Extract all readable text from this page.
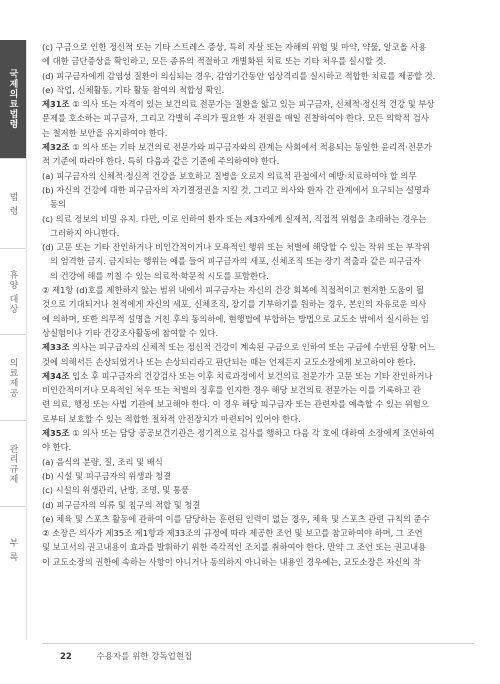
국제의료법령
법 령
휴양 대상
의료제공
관리규제
부 록

(c) 구금으로 인한 정신적 또는 기타 스트레스 증상, 특히 자살 또는 자해의 위험 및 마약, 약물, 알코올 사용

에 대한 금단증상을 확인하고, 모든 종류의 적절하고 개별화된 치료 또는 기타 처우를 실시할 것.

(d) 피구금자에게 감염성 질환이 의심되는 경우, 감염기간동안 임상격리를 실시하고 적합한 치료를 제공할 것.

(e) 작업, 신체활동, 기타 활동 참여의 적합성 확인.

제31조 ① 의사 또는 자격이 있는 보건의료 전문가는 질환을 앓고 있는 피구금자, 신체적·정신적 건강 및 부상

문제를 호소하는 피구금자, 그리고 각별히 주의가 필요한 자 전원을 매일 진찰하여야 한다. 모든 의학적 검사

는 철저한 보안을 유지하여야 한다.

제32조 ① 의사 또는 기타 보건의료 전문가와 피구금자와의 관계는 사회에서 적용되는 동일한 윤리적·전문가

적 기준에 따라야 한다. 특히 다음과 같은 기준에 주의하여야 한다.

(a) 피구금자의 신체적·정신적 건강을 보호하고 질병을 오로지 의료적 관점에서 예방·치료하여야 할 의무

(b) 자신의 건강에 대한 피구금자의 자기결정권을 지킬 것, 그리고 의사와 환자 간 관계에서 요구되는 설명과

동의

(c) 의료 정보의 비밀 유지. 다만, 이로 인하여 환자 또는 제3자에게 실제적, 직접적 위험을 초래하는 경우는

그러하지 아니한다.

(d) 고문 또는 기타 잔인하거나 비인간적이거나 모욕적인 행위 또는 처벌에 해당할 수 있는 작위 또는 부작위

의 엄격한 금지. 금지되는 행위는 예를 들어 피구금자의 세포, 신체조직 또는 장기 적출과 같은 피구금자

의 건강에 해를 끼칠 수 있는 의료적·학문적 시도를 포함한다.

② 제1항 (d)호를 제한하지 않는 범위 내에서 피구금자는 자신의 건강 회복에 직접적이고 현저한 도움이 될

것으로 기대되거나 천적에게 자신의 세포, 신체조직, 장기를 기부하기를 원하는 경우, 본인의 자유로운 의사

에 의하며, 또한 의무적 설명을 거친 후의 동의하에, 현행법에 부합하는 방법으로 교도소 밖에서 실시하는 임

상실험이나 기타 건강조사활동에 참여할 수 있다.

제33조 의사는 피구금자의 신체적 또는 정신적 건강이 계속된 구금으로 인하여 또는 구금에 수반된 상황 어느

것에 의해서든 손상되었거나 또는 손상되리라고 판단되는 때는 언제든지 교도소장에게 보고하여야 한다.

제34조 입소 후 피구금자의 건강검사 또는 이후 치료과정에서 보건의료 전문가가 고문 또는 기타 잔인하거나

비인간적이거나 모욕적인 처우 또는 처벌의 징후를 인지한 경우 해당 보건의료 전문가는 이를 기록하고 관

련 의료, 행정 또는 사법 기관에 보고해야 한다. 이 경우 해당 피구금자 또는 관련자를 예측할 수 있는 위험으

로부터 보호할 수 있는 적합한 절차적 안전장치가 마련되어 있어야 한다.

제35조 ① 의사 또는 담당 공공보건기관은 정기적으로 검사를 행하고 다음 각 호에 대하여 소장에게 조언하여

야 한다.

(a) 음식의 분량, 질, 조리 및 배식

(b) 시설 및 피구금자의 위생과 청결

(c) 시설의 위생관리, 난방, 조명, 및 통풍

(d) 피구금자의 의류 및 침구의 적합 및 청결

(e) 체육 및 스포츠 활동에 관하여 이를 담당하는 훈련된 인력이 없는 경우, 체육 및 스포츠 관련 규칙의 준수

② 소장은 의사가 제35조 제1항과 제33조의 규정에 따라 제공한 조언 및 보고를 참고하여야 하며, 그 조언

및 보고서의 권고내용이 효과를 발휘하기 위한 즉각적인 조치를 취하여야 한다. 만약 그 조언 또는 권고내용

이 교도소장의 권한에 속하는 사항이 아니거나 동의하지 아니하는 내용인 경우에는, 교도소장은 자신의 작

22	수용자를 위한 강독업현집
